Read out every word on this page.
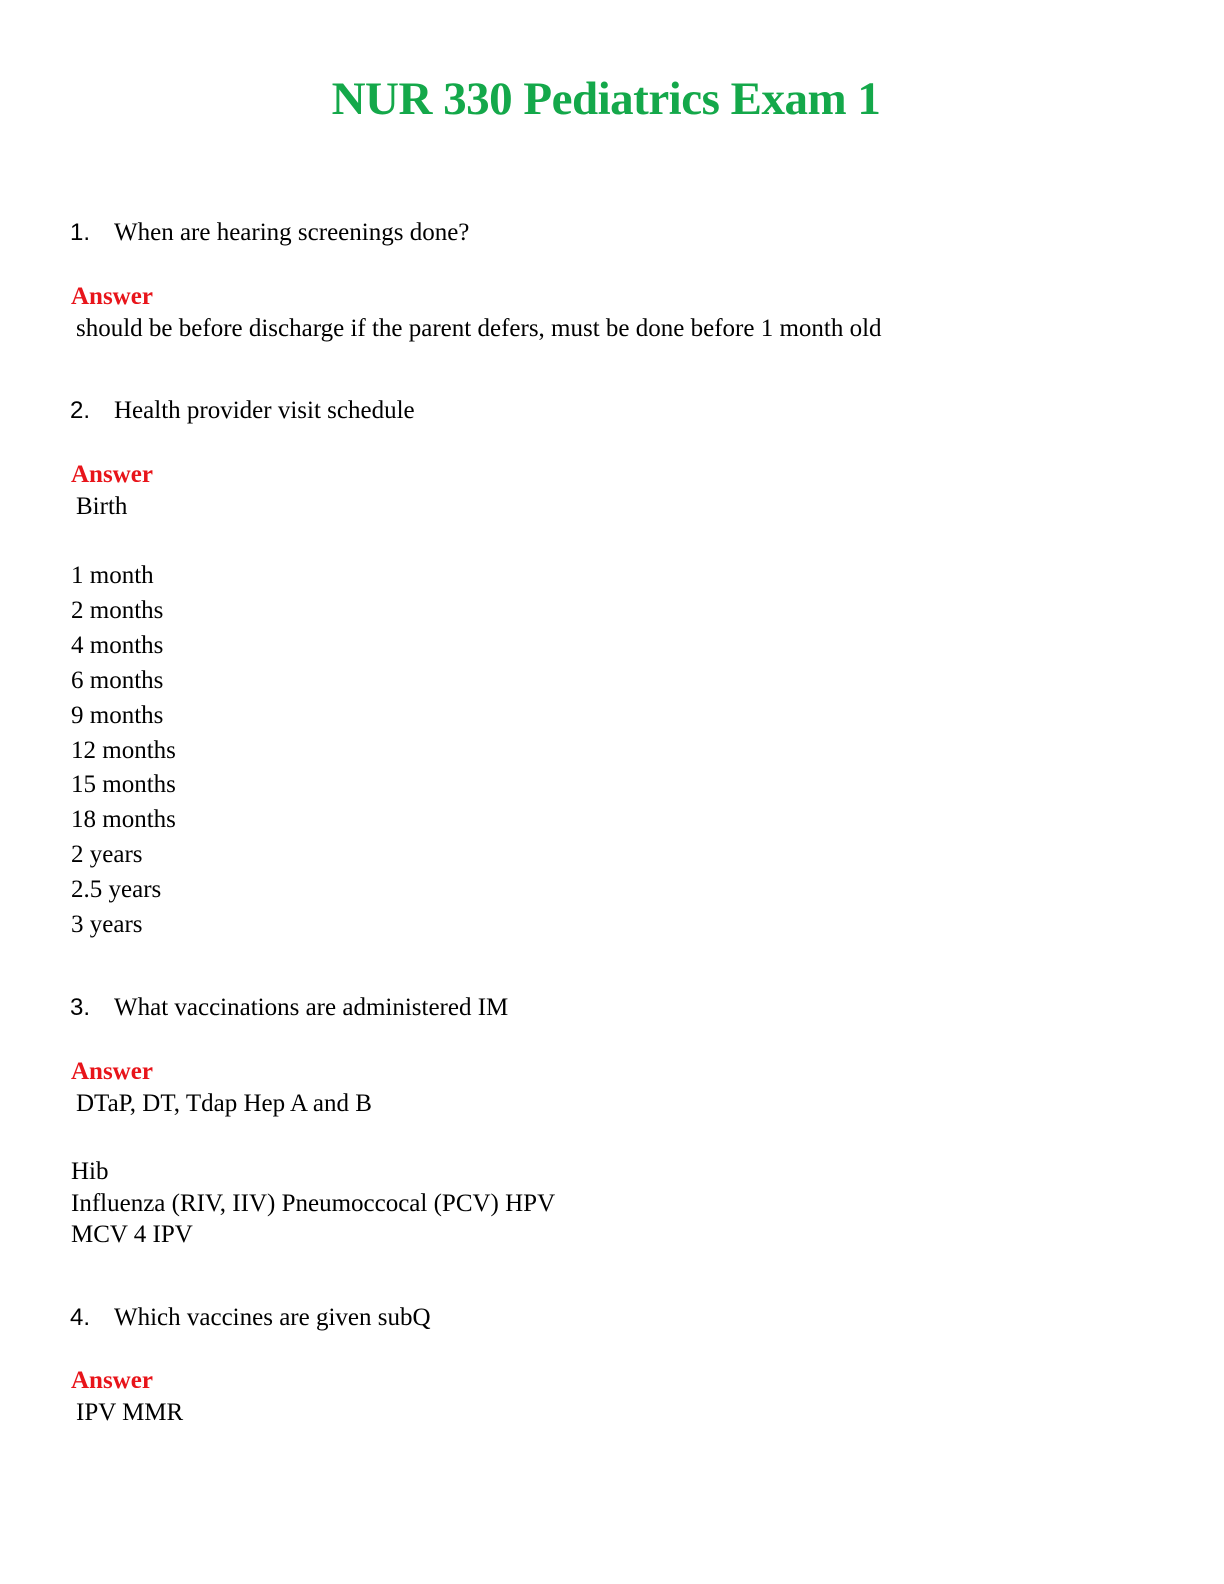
NUR 330 Pediatrics Exam 1
1. When are hearing screenings done?
Answer
should be before discharge if the parent defers, must be done before 1 month old
2. Health provider visit schedule
Answer
Birth
1 month
2 months
4 months
6 months
9 months
12 months
15 months
18 months
2 years
2.5 years
3 years
3. What vaccinations are administered IM
Answer
DTaP, DT, Tdap Hep A and B
Hib
Influenza (RIV, IIV) Pneumoccocal (PCV) HPV
MCV 4 IPV
4. Which vaccines are given subQ
Answer
IPV MMR
